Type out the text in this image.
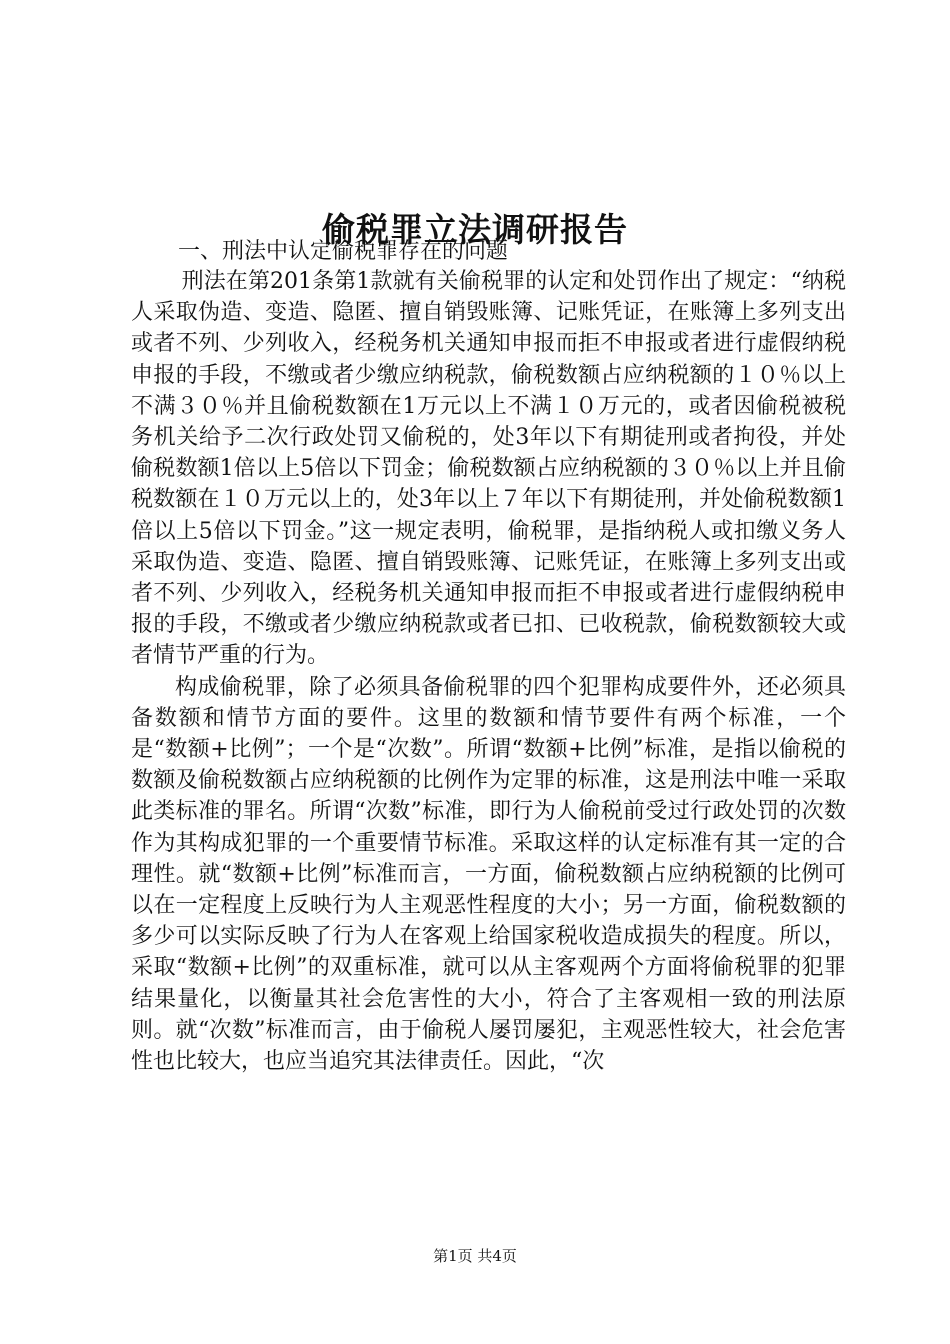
偷税罪立法调研报告
一、刑法中认定偷税罪存在的问题

刑法在第201条第1款就有关偷税罪的认定和处罚作出了规定：“纳税人采取伪造、变造、隐匿、擅自销毁账簿、记账凭证，在账簿上多列支出或者不列、少列收入，经税务机关通知申报而拒不申报或者进行虚假纳税申报的手段，不缴或者少缴应纳税款，偷税数额占应纳税额的１０％以上不满３０％并且偷税数额在1万元以上不满１０万元的，或者因偷税被税务机关给予二次行政处罚又偷税的，处3年以下有期徒刑或者拘役，并处偷税数额1倍以上5倍以下罚金；偷税数额占应纳税额的３０％以上并且偷税数额在１０万元以上的，处3年以上７年以下有期徒刑，并处偷税数额1倍以上5倍以下罚金。”这一规定表明，偷税罪，是指纳税人或扣缴义务人采取伪造、变造、隐匿、擅自销毁账簿、记账凭证，在账簿上多列支出或者不列、少列收入，经税务机关通知申报而拒不申报或者进行虚假纳税申报的手段，不缴或者少缴应纳税款或者已扣、已收税款，偷税数额较大或者情节严重的行为。

构成偷税罪，除了必须具备偷税罪的四个犯罪构成要件外，还必须具备数额和情节方面的要件。这里的数额和情节要件有两个标准，一个是“数额+比例”；一个是“次数”。所谓“数额+比例”标准，是指以偷税的数额及偷税数额占应纳税额的比例作为定罪的标准，这是刑法中唯一采取此类标准的罪名。所谓“次数”标准，即行为人偷税前受过行政处罚的次数作为其构成犯罪的一个重要情节标准。采取这样的认定标准有其一定的合理性。就“数额+比例”标准而言，一方面，偷税数额占应纳税额的比例可以在一定程度上反映行为人主观恶性程度的大小；另一方面，偷税数额的多少可以实际反映了行为人在客观上给国家税收造成损失的程度。所以，采取“数额+比例”的双重标准，就可以从主客观两个方面将偷税罪的犯罪结果量化，以衡量其社会危害性的大小，符合了主客观相一致的刑法原则。就“次数”标准而言，由于偷税人屡罚屡犯，主观恶性较大，社会危害性也比较大，也应当追究其法律责任。因此，“次

第1页 共4页
